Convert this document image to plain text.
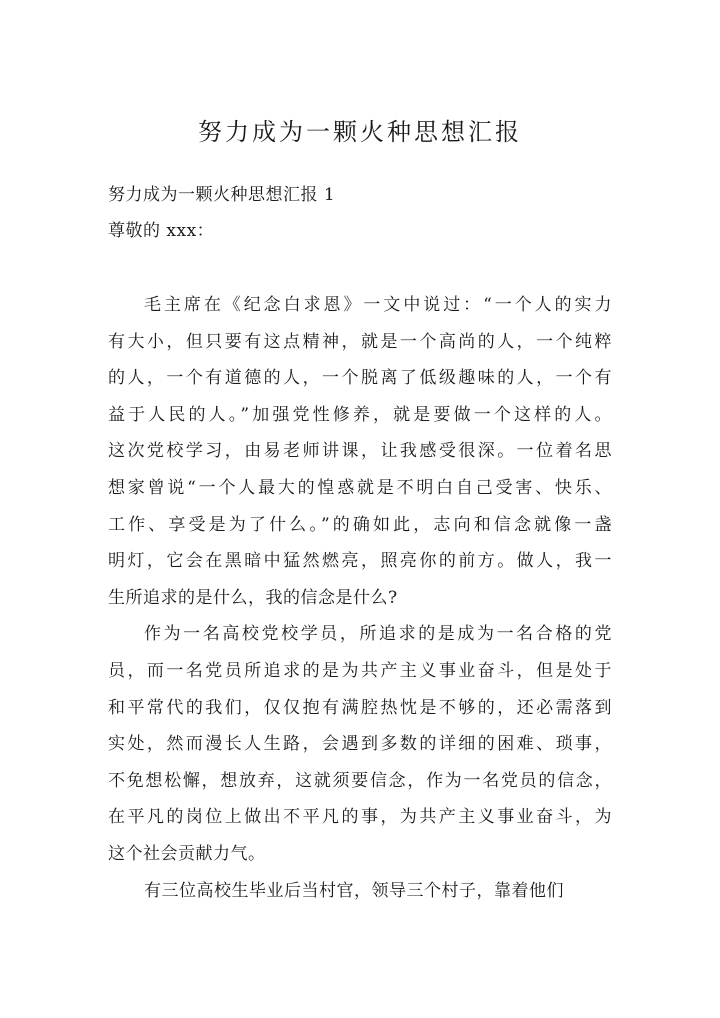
努力成为一颗火种思想汇报

努力成为一颗火种思想汇报 1

尊敬的 xxx：

毛主席在《纪念白求恩》一文中说过：“一个人的实力
有大小，但只要有这点精神，就是一个高尚的人，一个纯粹
的人，一个有道德的人，一个脱离了低级趣味的人，一个有
益于人民的人。”加强党性修养，就是要做一个这样的人。
这次党校学习，由易老师讲课，让我感受很深。一位着名思
想家曾说“一个人最大的惶惑就是不明白自己受害、快乐、
工作、享受是为了什么。”的确如此，志向和信念就像一盏
明灯，它会在黑暗中猛然燃亮，照亮你的前方。做人，我一
生所追求的是什么，我的信念是什么?
作为一名高校党校学员，所追求的是成为一名合格的党
员，而一名党员所追求的是为共产主义事业奋斗，但是处于
和平常代的我们，仅仅抱有满腔热忱是不够的，还必需落到
实处，然而漫长人生路，会遇到多数的详细的困难、琐事，
不免想松懈，想放弃，这就须要信念，作为一名党员的信念，
在平凡的岗位上做出不平凡的事，为共产主义事业奋斗，为
这个社会贡献力气。
有三位高校生毕业后当村官，领导三个村子，靠着他们
